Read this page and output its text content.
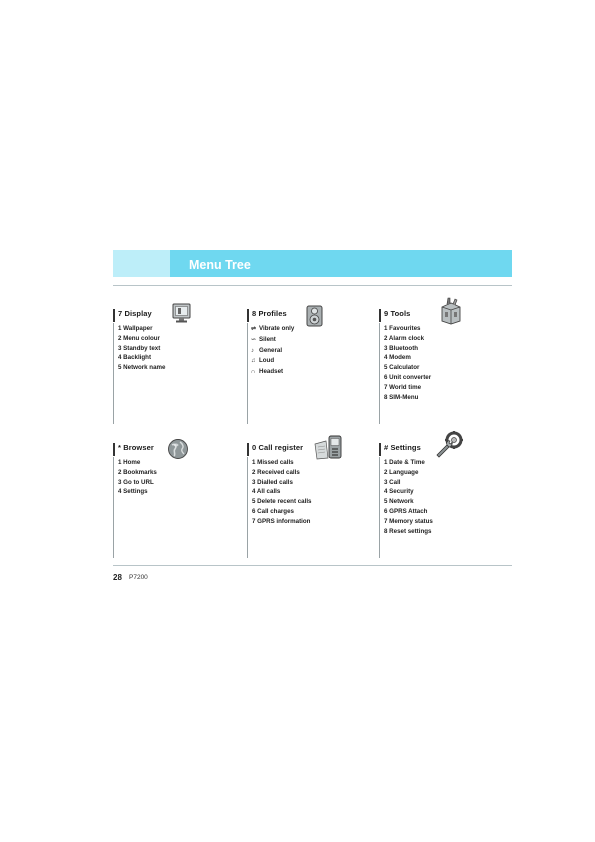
Menu Tree
7 Display
1 Wallpaper
2 Menu colour
3 Standby text
4 Backlight
5 Network name
8 Profiles
⇌ Vibrate only
∽ Silent
♪ General
♫ Loud
∩ Headset
9 Tools
1 Favourites
2 Alarm clock
3 Bluetooth
4 Modem
5 Calculator
6 Unit converter
7 World time
8 SIM-Menu
* Browser
1 Home
2 Bookmarks
3 Go to URL
4 Settings
0 Call register
1 Missed calls
2 Received calls
3 Dialled calls
4 All calls
5 Delete recent calls
6 Call charges
7 GPRS information
# Settings
1 Date & Time
2 Language
3 Call
4 Security
5 Network
6 GPRS Attach
7 Memory status
8 Reset settings
28 P7200
